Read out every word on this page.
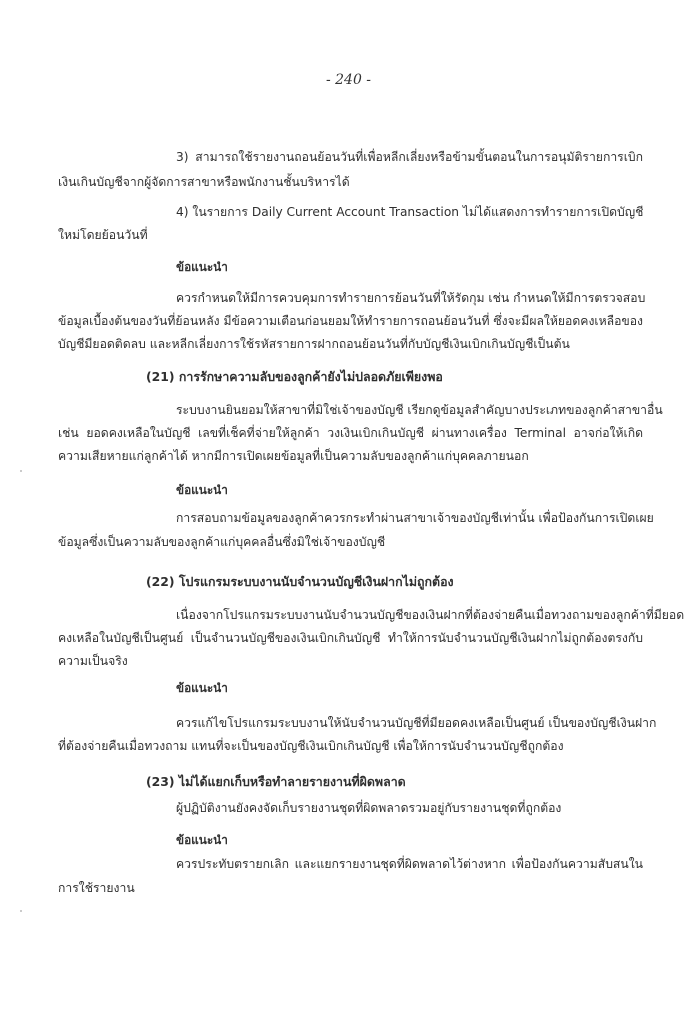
- 240 -
3) สามารถใช้รายงานถอนย้อนวันที่เพื่อหลีกเลี่ยงหรือข้ามขั้นตอนในการอนุมัติรายการเบิก
เงินเกินบัญชีจากผู้จัดการสาขาหรือพนักงานชั้นบริหารได้
4) ในรายการ Daily Current Account Transaction ไม่ได้แสดงการทำรายการเปิดบัญชี
ใหม่โดยย้อนวันที่
ข้อแนะนำ
ควรกำหนดให้มีการควบคุมการทำรายการย้อนวันที่ให้รัดกุม เช่น กำหนดให้มีการตรวจสอบ
ข้อมูลเบื้องต้นของวันที่ย้อนหลัง มีข้อความเตือนก่อนยอมให้ทำรายการถอนย้อนวันที่ ซึ่งจะมีผลให้ยอดคงเหลือของ
บัญชีมียอดติดลบ และหลีกเลี่ยงการใช้รหัสรายการฝากถอนย้อนวันที่กับบัญชีเงินเบิกเกินบัญชีเป็นต้น
(21) การรักษาความลับของลูกค้ายังไม่ปลอดภัยเพียงพอ
ระบบงานยินยอมให้สาขาที่มิใช่เจ้าของบัญชี เรียกดูข้อมูลสำคัญบางประเภทของลูกค้าสาขาอื่น
เช่น ยอดคงเหลือในบัญชี เลขที่เช็คที่จ่ายให้ลูกค้า วงเงินเบิกเกินบัญชี ผ่านทางเครื่อง Terminal อาจก่อให้เกิด
ความเสียหายแก่ลูกค้าได้ หากมีการเปิดเผยข้อมูลที่เป็นความลับของลูกค้าแก่บุคคลภายนอก
ข้อแนะนำ
การสอบถามข้อมูลของลูกค้าควรกระทำผ่านสาขาเจ้าของบัญชีเท่านั้น เพื่อป้องกันการเปิดเผย
ข้อมูลซึ่งเป็นความลับของลูกค้าแก่บุคคลอื่นซึ่งมิใช่เจ้าของบัญชี
(22) โปรแกรมระบบงานนับจำนวนบัญชีเงินฝากไม่ถูกต้อง
เนื่องจากโปรแกรมระบบงานนับจำนวนบัญชีของเงินฝากที่ต้องจ่ายคืนเมื่อทวงถามของลูกค้าที่มียอด
คงเหลือในบัญชีเป็นศูนย์ เป็นจำนวนบัญชีของเงินเบิกเกินบัญชี ทำให้การนับจำนวนบัญชีเงินฝากไม่ถูกต้องตรงกับ
ความเป็นจริง
ข้อแนะนำ
ควรแก้ไขโปรแกรมระบบงานให้นับจำนวนบัญชีที่มียอดคงเหลือเป็นศูนย์ เป็นของบัญชีเงินฝาก
ที่ต้องจ่ายคืนเมื่อทวงถาม แทนที่จะเป็นของบัญชีเงินเบิกเกินบัญชี เพื่อให้การนับจำนวนบัญชีถูกต้อง
(23) ไม่ได้แยกเก็บหรือทำลายรายงานที่ผิดพลาด
ผู้ปฏิบัติงานยังคงจัดเก็บรายงานชุดที่ผิดพลาดรวมอยู่กับรายงานชุดที่ถูกต้อง
ข้อแนะนำ
ควรประทับตรายกเลิก และแยกรายงานชุดที่ผิดพลาดไว้ต่างหาก เพื่อป้องกันความสับสนใน
การใช้รายงาน
